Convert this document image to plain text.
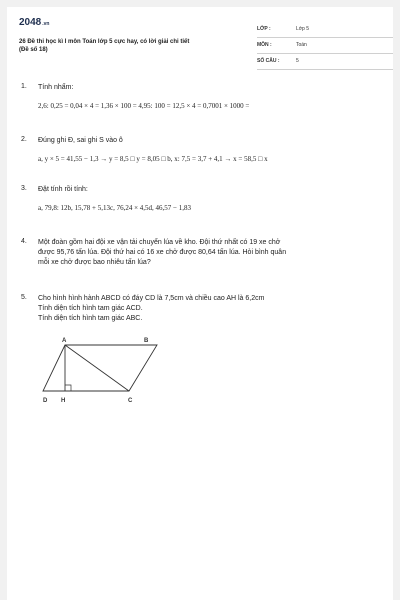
2048.vn
26 Đề thi học kì I môn Toán lớp 5 cực hay, có lời giải chi tiết
(Đề số 18)
LỚP :	Lớp 5
MÔN :	Toán
SỐ CÂU :	5
1.	Tính nhẩm:
2,6: 0,25 = 0,04 × 4 = 1,36 × 100 = 4,95: 100 = 12,5 × 4 = 0,7001 × 1000 =
2.	Đúng ghi Đ, sai ghi S vào ô
a, y × 5 = 41,55 − 1,3 → y = 8,5 □ y = 8,05 □ b, x: 7,5 = 3,7 + 4,1 → x = 58,5 □ x
3.	Đặt tính rồi tính:
a, 79,8: 12b, 15,78 + 5,13c, 76,24 × 4,5d, 46,57 − 1,83
4.	Một đoàn gồm hai đội xe vận tải chuyển lúa về kho. Đội thứ nhất có 19 xe chở
được 95,76 tấn lúa. Đội thứ hai có 16 xe chở được 80,64 tấn lúa. Hỏi bình quân
mỗi xe chở được bao nhiêu tấn lúa?
5.	Cho hình hình hành ABCD có đáy CD là 7,5cm và chiều cao AH là 6,2cm
Tính diện tích hình tam giác ACD.
Tính diện tích hình tam giác ABC.
A	B
C
D H
